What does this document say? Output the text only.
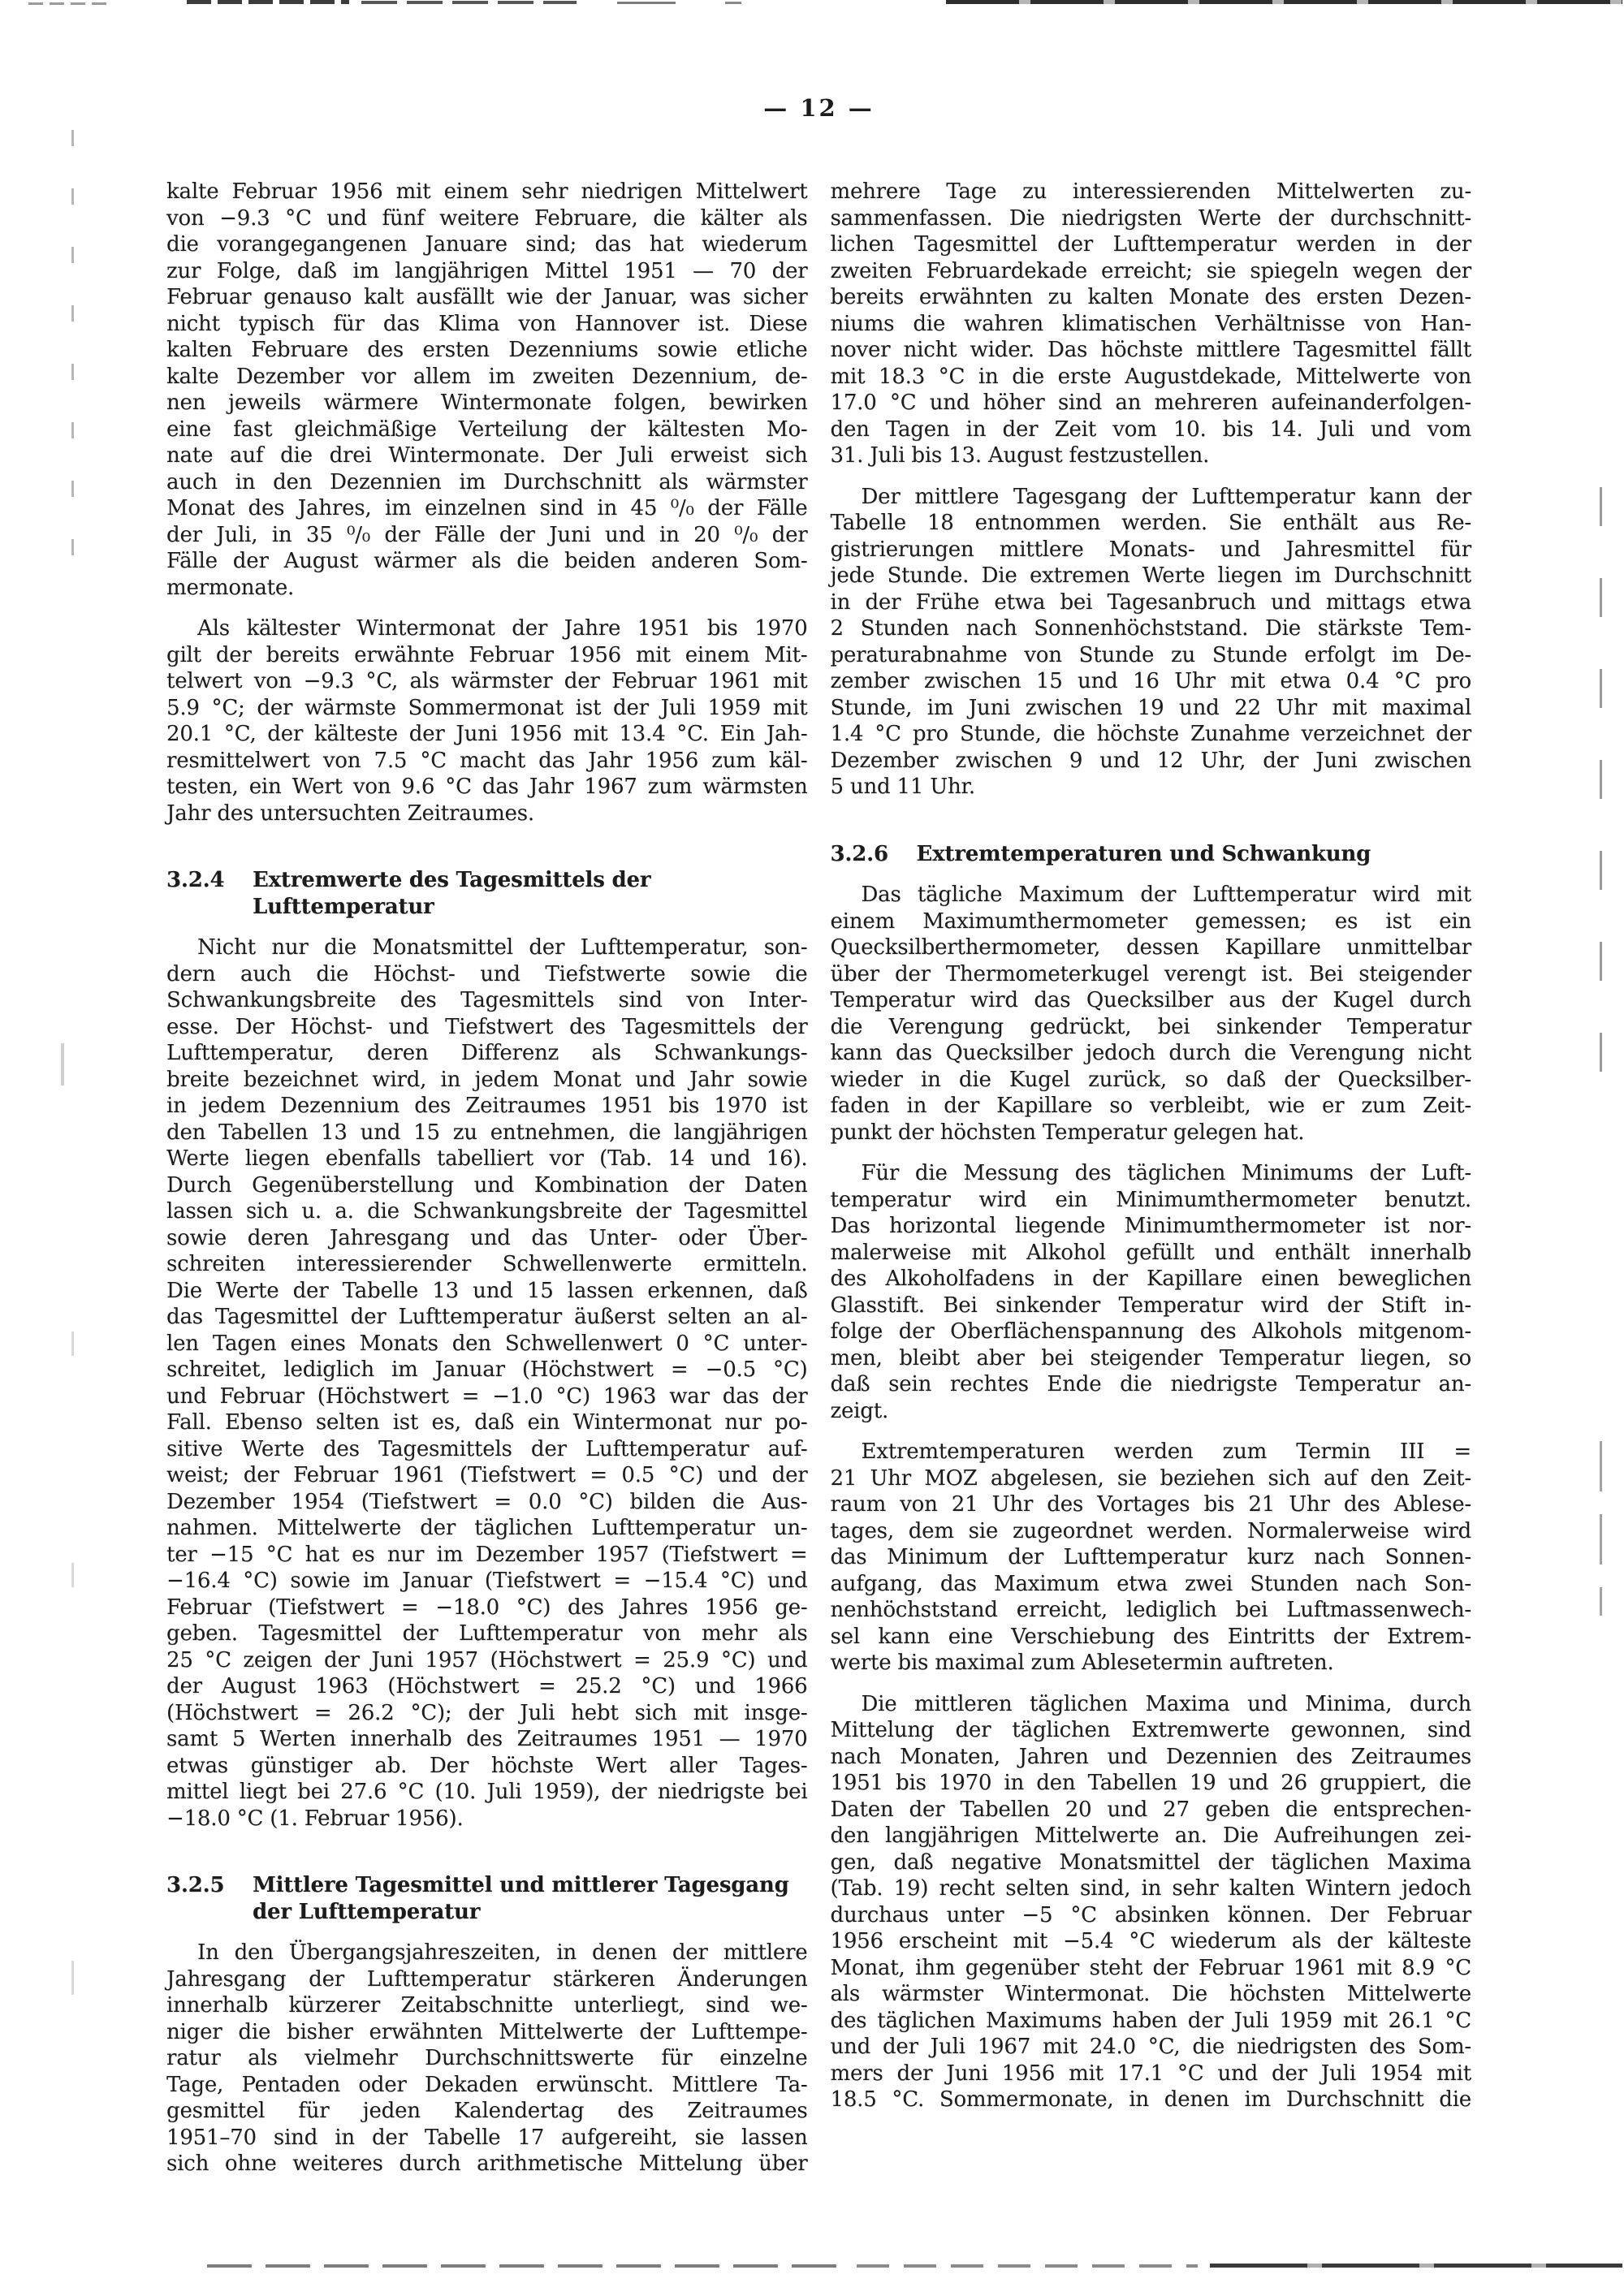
— 12 —
kalte Februar 1956 mit einem sehr niedrigen Mittelwert
von −9.3 °C und fünf weitere Februare, die kälter als
die vorangegangenen Januare sind; das hat wiederum
zur Folge, daß im langjährigen Mittel 1951 — 70 der
Februar genauso kalt ausfällt wie der Januar, was sicher
nicht typisch für das Klima von Hannover ist. Diese
kalten Februare des ersten Dezenniums sowie etliche
kalte Dezember vor allem im zweiten Dezennium, de-
nen jeweils wärmere Wintermonate folgen, bewirken
eine fast gleichmäßige Verteilung der kältesten Mo-
nate auf die drei Wintermonate. Der Juli erweist sich
auch in den Dezennien im Durchschnitt als wärmster
Monat des Jahres, im einzelnen sind in 45 ⁰/₀ der Fälle
der Juli, in 35 ⁰/₀ der Fälle der Juni und in 20 ⁰/₀ der
Fälle der August wärmer als die beiden anderen Som-
mermonate.
Als kältester Wintermonat der Jahre 1951 bis 1970
gilt der bereits erwähnte Februar 1956 mit einem Mit-
telwert von −9.3 °C, als wärmster der Februar 1961 mit
5.9 °C; der wärmste Sommermonat ist der Juli 1959 mit
20.1 °C, der kälteste der Juni 1956 mit 13.4 °C. Ein Jah-
resmittelwert von 7.5 °C macht das Jahr 1956 zum käl-
testen, ein Wert von 9.6 °C das Jahr 1967 zum wärmsten
Jahr des untersuchten Zeitraumes.
3.2.4	Extremwerte des Tagesmittels der Lufttemperatur
Nicht nur die Monatsmittel der Lufttemperatur, son-
dern auch die Höchst- und Tiefstwerte sowie die
Schwankungsbreite des Tagesmittels sind von Inter-
esse. Der Höchst- und Tiefstwert des Tagesmittels der
Lufttemperatur, deren Differenz als Schwankungs-
breite bezeichnet wird, in jedem Monat und Jahr sowie
in jedem Dezennium des Zeitraumes 1951 bis 1970 ist
den Tabellen 13 und 15 zu entnehmen, die langjährigen
Werte liegen ebenfalls tabelliert vor (Tab. 14 und 16).
Durch Gegenüberstellung und Kombination der Daten
lassen sich u. a. die Schwankungsbreite der Tagesmittel
sowie deren Jahresgang und das Unter- oder Über-
schreiten interessierender Schwellenwerte ermitteln.
Die Werte der Tabelle 13 und 15 lassen erkennen, daß
das Tagesmittel der Lufttemperatur äußerst selten an al-
len Tagen eines Monats den Schwellenwert 0 °C unter-
schreitet, lediglich im Januar (Höchstwert = −0.5 °C)
und Februar (Höchstwert = −1.0 °C) 1963 war das der
Fall. Ebenso selten ist es, daß ein Wintermonat nur po-
sitive Werte des Tagesmittels der Lufttemperatur auf-
weist; der Februar 1961 (Tiefstwert = 0.5 °C) und der
Dezember 1954 (Tiefstwert = 0.0 °C) bilden die Aus-
nahmen. Mittelwerte der täglichen Lufttemperatur un-
ter −15 °C hat es nur im Dezember 1957 (Tiefstwert =
−16.4 °C) sowie im Januar (Tiefstwert = −15.4 °C) und
Februar (Tiefstwert = −18.0 °C) des Jahres 1956 ge-
geben. Tagesmittel der Lufttemperatur von mehr als
25 °C zeigen der Juni 1957 (Höchstwert = 25.9 °C) und
der August 1963 (Höchstwert = 25.2 °C) und 1966
(Höchstwert = 26.2 °C); der Juli hebt sich mit insge-
samt 5 Werten innerhalb des Zeitraumes 1951 — 1970
etwas günstiger ab. Der höchste Wert aller Tages-
mittel liegt bei 27.6 °C (10. Juli 1959), der niedrigste bei
−18.0 °C (1. Februar 1956).
3.2.5	Mittlere Tagesmittel und mittlerer Tagesgang
der Lufttemperatur
In den Übergangsjahreszeiten, in denen der mittlere
Jahresgang der Lufttemperatur stärkeren Änderungen
innerhalb kürzerer Zeitabschnitte unterliegt, sind we-
niger die bisher erwähnten Mittelwerte der Lufttempe-
ratur als vielmehr Durchschnittswerte für einzelne
Tage, Pentaden oder Dekaden erwünscht. Mittlere Ta-
gesmittel für jeden Kalendertag des Zeitraumes
1951–70 sind in der Tabelle 17 aufgereiht, sie lassen
sich ohne weiteres durch arithmetische Mittelung über
mehrere Tage zu interessierenden Mittelwerten zu-
sammenfassen. Die niedrigsten Werte der durchschnitt-
lichen Tagesmittel der Lufttemperatur werden in der
zweiten Februardekade erreicht; sie spiegeln wegen der
bereits erwähnten zu kalten Monate des ersten Dezen-
niums die wahren klimatischen Verhältnisse von Han-
nover nicht wider. Das höchste mittlere Tagesmittel fällt
mit 18.3 °C in die erste Augustdekade, Mittelwerte von
17.0 °C und höher sind an mehreren aufeinanderfolgen-
den Tagen in der Zeit vom 10. bis 14. Juli und vom
31. Juli bis 13. August festzustellen.
Der mittlere Tagesgang der Lufttemperatur kann der
Tabelle 18 entnommen werden. Sie enthält aus Re-
gistrierungen mittlere Monats- und Jahresmittel für
jede Stunde. Die extremen Werte liegen im Durchschnitt
in der Frühe etwa bei Tagesanbruch und mittags etwa
2 Stunden nach Sonnenhöchststand. Die stärkste Tem-
peraturabnahme von Stunde zu Stunde erfolgt im De-
zember zwischen 15 und 16 Uhr mit etwa 0.4 °C pro
Stunde, im Juni zwischen 19 und 22 Uhr mit maximal
1.4 °C pro Stunde, die höchste Zunahme verzeichnet der
Dezember zwischen 9 und 12 Uhr, der Juni zwischen
5 und 11 Uhr.
3.2.6	Extremtemperaturen und Schwankung
Das tägliche Maximum der Lufttemperatur wird mit
einem Maximumthermometer gemessen; es ist ein
Quecksilberthermometer, dessen Kapillare unmittelbar
über der Thermometerkugel verengt ist. Bei steigender
Temperatur wird das Quecksilber aus der Kugel durch
die Verengung gedrückt, bei sinkender Temperatur
kann das Quecksilber jedoch durch die Verengung nicht
wieder in die Kugel zurück, so daß der Quecksilber-
faden in der Kapillare so verbleibt, wie er zum Zeit-
punkt der höchsten Temperatur gelegen hat.
Für die Messung des täglichen Minimums der Luft-
temperatur wird ein Minimumthermometer benutzt.
Das horizontal liegende Minimumthermometer ist nor-
malerweise mit Alkohol gefüllt und enthält innerhalb
des Alkoholfadens in der Kapillare einen beweglichen
Glasstift. Bei sinkender Temperatur wird der Stift in-
folge der Oberflächenspannung des Alkohols mitgenom-
men, bleibt aber bei steigender Temperatur liegen, so
daß sein rechtes Ende die niedrigste Temperatur an-
zeigt.
Extremtemperaturen werden zum Termin III =
21 Uhr MOZ abgelesen, sie beziehen sich auf den Zeit-
raum von 21 Uhr des Vortages bis 21 Uhr des Ablese-
tages, dem sie zugeordnet werden. Normalerweise wird
das Minimum der Lufttemperatur kurz nach Sonnen-
aufgang, das Maximum etwa zwei Stunden nach Son-
nenhöchststand erreicht, lediglich bei Luftmassenwech-
sel kann eine Verschiebung des Eintritts der Extrem-
werte bis maximal zum Ablesetermin auftreten.
Die mittleren täglichen Maxima und Minima, durch
Mittelung der täglichen Extremwerte gewonnen, sind
nach Monaten, Jahren und Dezennien des Zeitraumes
1951 bis 1970 in den Tabellen 19 und 26 gruppiert, die
Daten der Tabellen 20 und 27 geben die entsprechen-
den langjährigen Mittelwerte an. Die Aufreihungen zei-
gen, daß negative Monatsmittel der täglichen Maxima
(Tab. 19) recht selten sind, in sehr kalten Wintern jedoch
durchaus unter −5 °C absinken können. Der Februar
1956 erscheint mit −5.4 °C wiederum als der kälteste
Monat, ihm gegenüber steht der Februar 1961 mit 8.9 °C
als wärmster Wintermonat. Die höchsten Mittelwerte
des täglichen Maximums haben der Juli 1959 mit 26.1 °C
und der Juli 1967 mit 24.0 °C, die niedrigsten des Som-
mers der Juni 1956 mit 17.1 °C und der Juli 1954 mit
18.5 °C. Sommermonate, in denen im Durchschnitt die
